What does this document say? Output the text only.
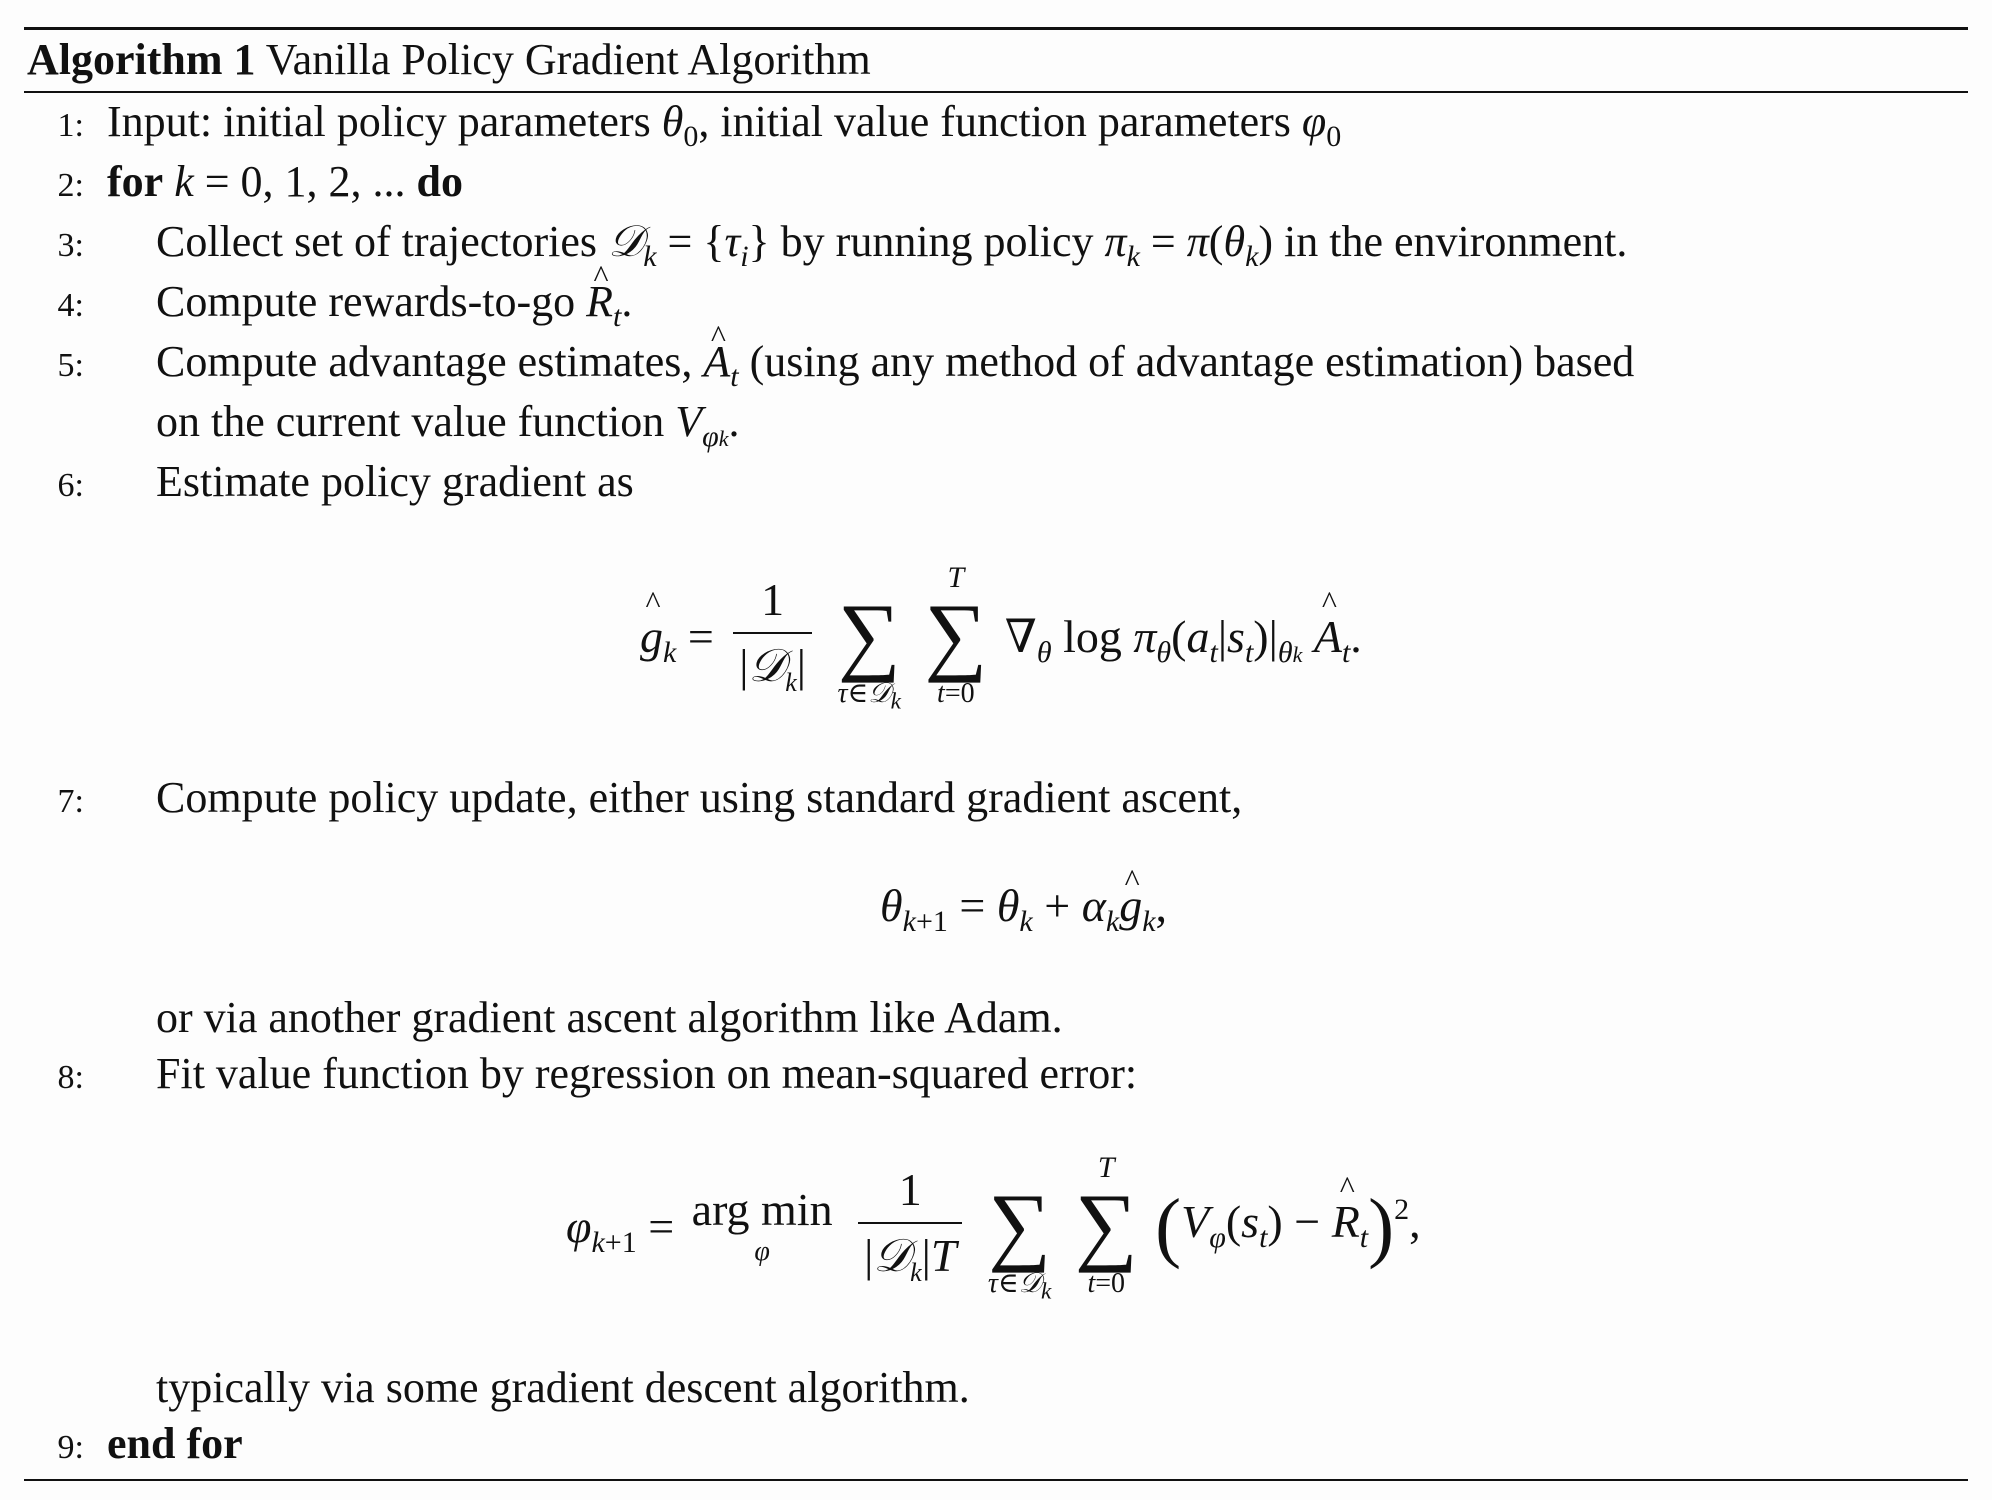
Algorithm 1 Vanilla Policy Gradient Algorithm
1: Input: initial policy parameters $\theta_0$, initial value function parameters $\varphi_0$
2: for k = 0, 1, 2, ... do
3: Collect set of trajectories 𝒟$_k$ = $\{\tau_i\}$ by running policy $\pi_k = \pi(\theta_k)$ in the environment.
4: Compute rewards-to-go ^ $R_t$.
5: Compute advantage estimates, ^ $A_t$ (using any method of advantage estimation) based
on the current value function $V_{\varphi k}$.
6: Estimate policy gradient as
^ $g_k = \frac{1}{|𝒟_k|}$
∑
τ∈𝒟$_k$

T
∑
t=0
$\nabla_\theta$ $\log \pi_\theta(a_t|s_t)|_{\theta k}$ ^ $A_t$.
7: Compute policy update, either using standard gradient ascent,
$\theta_{k+1} = \theta_k$ + $\alpha_k\^{}$ $g_k$,
or via another gradient ascent algorithm like Adam.
8: Fit value function by regression on mean-squared error:
$\varphi_{k+1}$ = arg min
φ
	$\frac{1}{|𝒟_k|T}$
∑
τ∈𝒟$_k$

T
∑
t=0
($V_\varphi(s_t)$ − ^ $R_t)^2$,
typically via some gradient descent algorithm.
9: end for
